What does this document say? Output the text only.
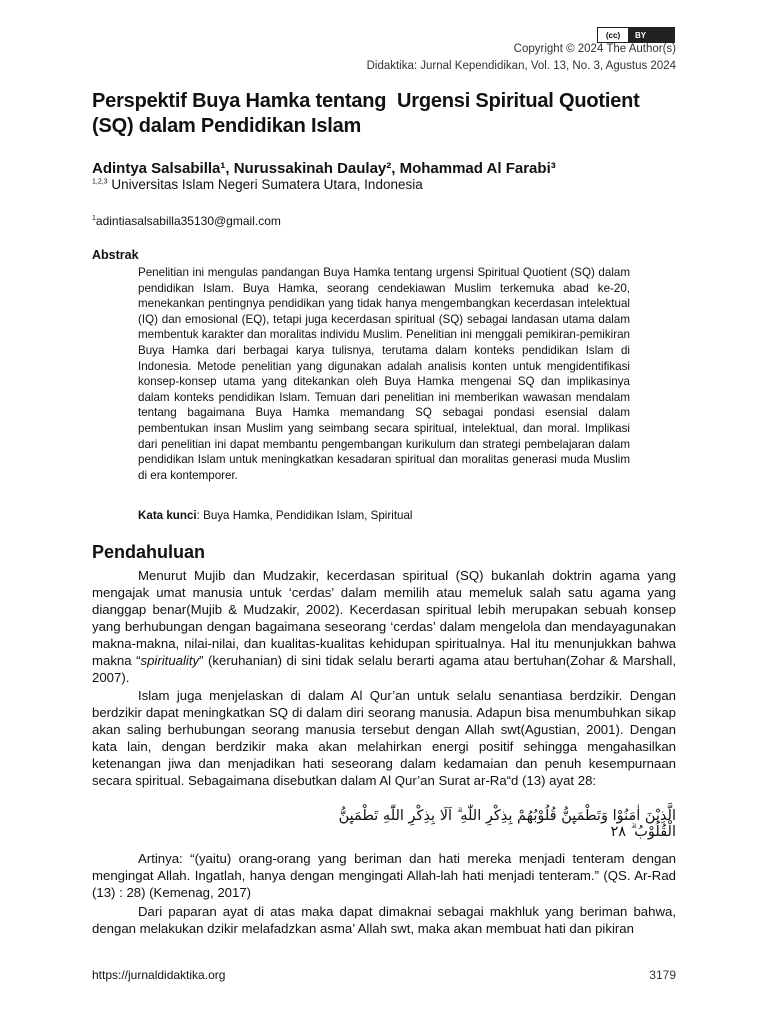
(cc)	BY
Copyright © 2024 The Author(s)
Didaktika: Jurnal Kependidikan, Vol. 13, No. 3, Agustus 2024
Perspektif Buya Hamka tentang  Urgensi Spiritual Quotient
(SQ) dalam Pendidikan Islam
Adintya Salsabilla¹, Nurussakinah Daulay², Mohammad Al Farabi³
$^{1,2,3}$ Universitas Islam Negeri Sumatera Utara, Indonesia
$^1$adintiasalsabilla35130@gmail.com
Abstrak
Penelitian ini mengulas pandangan Buya Hamka tentang urgensi Spiritual Quotient (SQ) dalam pendidikan Islam. Buya Hamka, seorang cendekiawan Muslim terkemuka abad ke-20, menekankan pentingnya pendidikan yang tidak hanya mengembangkan kecerdasan intelektual (IQ) dan emosional (EQ), tetapi juga kecerdasan spiritual (SQ) sebagai landasan utama dalam membentuk karakter dan moralitas individu Muslim. Penelitian ini menggali pemikiran-pemikiran Buya Hamka dari berbagai karya tulisnya, terutama dalam konteks pendidikan Islam di Indonesia. Metode penelitian yang digunakan adalah analisis konten untuk mengidentifikasi konsep-konsep utama yang ditekankan oleh Buya Hamka mengenai SQ dan implikasinya dalam konteks pendidikan Islam. Temuan dari penelitian ini memberikan wawasan mendalam tentang bagaimana Buya Hamka memandang SQ sebagai pondasi esensial dalam pembentukan insan Muslim yang seimbang secara spiritual, intelektual, dan moral. Implikasi dari penelitian ini dapat membantu pengembangan kurikulum dan strategi pembelajaran dalam pendidikan Islam untuk meningkatkan kesadaran spiritual dan moralitas generasi muda Muslim di era kontemporer.
Kata kunci: Buya Hamka, Pendidikan Islam, Spiritual
Pendahuluan
Menurut Mujib dan Mudzakir, kecerdasan spiritual (SQ) bukanlah doktrin agama yang mengajak umat manusia untuk ‘cerdas’ dalam memilih atau memeluk salah satu agama yang dianggap benar(Mujib & Mudzakir, 2002). Kecerdasan spiritual lebih merupakan sebuah konsep yang berhubungan dengan bagaimana seseorang ‘cerdas’ dalam mengelola dan mendayagunakan makna-makna, nilai-nilai, dan kualitas-kualitas kehidupan spiritualnya. Hal itu menunjukkan bahwa makna “spirituality” (keruhanian) di sini tidak selalu berarti agama atau bertuhan(Zohar & Marshall, 2007).
Islam juga menjelaskan di dalam Al Qur’an untuk selalu senantiasa berdzikir. Dengan berdzikir dapat meningkatkan SQ di dalam diri seorang manusia. Adapun bisa menumbuhkan sikap akan saling berhubungan seorang manusia tersebut dengan Allah swt(Agustian, 2001). Dengan kata lain, dengan berdzikir maka akan melahirkan energi positif sehingga mengahasilkan ketenangan jiwa dan menjadikan hati seseorang dalam kedamaian dan penuh kesempurnaan secara spiritual. Sebagaimana disebutkan dalam Al Qur’an Surat ar-Ra“d (13) ayat 28:
الَّذِيْنَ اٰمَنُوْا وَتَطْمَىِٕنُّ قُلُوْبُهُمْ بِذِكْرِ اللّٰهِ ۗ اَلَا بِذِكْرِ اللّٰهِ تَطْمَىِٕنُّ الْقُلُوْبُ ۗ ٢٨
Artinya: “(yaitu) orang-orang yang beriman dan hati mereka menjadi tenteram dengan mengingat Allah. Ingatlah, hanya dengan mengingati Allah-lah hati menjadi tenteram.” (QS. Ar-Rad (13) : 28) (Kemenag, 2017)
Dari paparan ayat di atas maka dapat dimaknai sebagai makhluk yang beriman bahwa, dengan melakukan dzikir melafadzkan asma’ Allah swt, maka akan membuat hati dan pikiran
https://jurnaldidaktika.org	3179
